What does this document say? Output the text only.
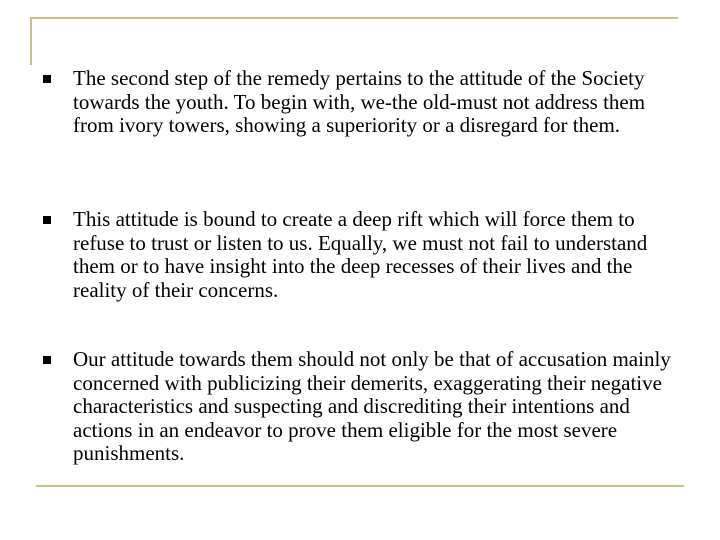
The second step of the remedy pertains to the attitude of the Society towards the youth. To begin with, we-the old-must not address them from ivory towers, showing a superiority or a disregard for them.

This attitude is bound to create a deep rift which will force them to refuse to trust or listen to us. Equally, we must not fail to understand them or to have insight into the deep recesses of their lives and the reality of their concerns.

Our attitude towards them should not only be that of accusation mainly concerned with publicizing their demerits, exaggerating their negative characteristics and suspecting and discrediting their intentions and actions in an endeavor to prove them eligible for the most severe punishments.
